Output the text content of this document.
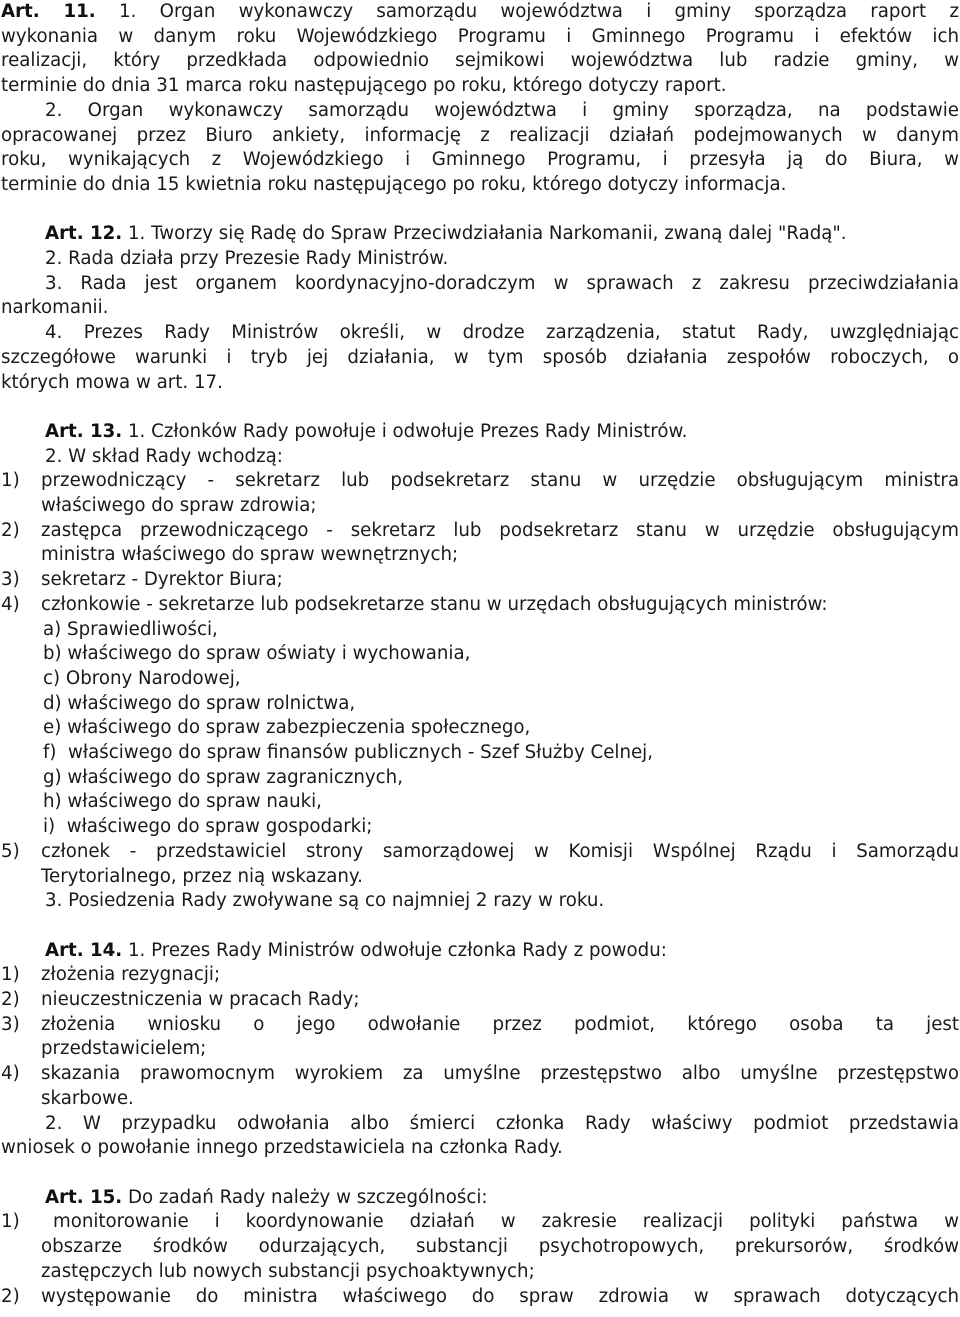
Art. 11. 1. Organ wykonawczy samorządu województwa i gminy sporządza raport z

wykonania w danym roku Wojewódzkiego Programu i Gminnego Programu i efektów ich

realizacji, który przedkłada odpowiednio sejmikowi województwa lub radzie gminy, w

terminie do dnia 31 marca roku następującego po roku, którego dotyczy raport.

2. Organ wykonawczy samorządu województwa i gminy sporządza, na podstawie

opracowanej przez Biuro ankiety, informację z realizacji działań podejmowanych w danym

roku, wynikających z Wojewódzkiego i Gminnego Programu, i przesyła ją do Biura, w

terminie do dnia 15 kwietnia roku następującego po roku, którego dotyczy informacja.

Art. 12. 1. Tworzy się Radę do Spraw Przeciwdziałania Narkomanii, zwaną dalej "Radą".

2. Rada działa przy Prezesie Rady Ministrów.

3. Rada jest organem koordynacyjno-doradczym w sprawach z zakresu przeciwdziałania

narkomanii.

4. Prezes Rady Ministrów określi, w drodze zarządzenia, statut Rady, uwzględniając

szczegółowe warunki i tryb jej działania, w tym sposób działania zespołów roboczych, o

których mowa w art. 17.

Art. 13. 1. Członków Rady powołuje i odwołuje Prezes Rady Ministrów.

2. W skład Rady wchodzą:

1)	przewodniczący - sekretarz lub podsekretarz stanu w urzędzie obsługującym ministra

właściwego do spraw zdrowia;

2)	zastępca przewodniczącego - sekretarz lub podsekretarz stanu w urzędzie obsługującym

ministra właściwego do spraw wewnętrznych;

3)	sekretarz - Dyrektor Biura;

4)	członkowie - sekretarze lub podsekretarze stanu w urzędach obsługujących ministrów:

a) Sprawiedliwości,

b) właściwego do spraw oświaty i wychowania,

c) Obrony Narodowej,

d) właściwego do spraw rolnictwa,

e) właściwego do spraw zabezpieczenia społecznego,

f)  właściwego do spraw finansów publicznych - Szef Służby Celnej,

g) właściwego do spraw zagranicznych,

h) właściwego do spraw nauki,

i)  właściwego do spraw gospodarki;

5)	członek - przedstawiciel strony samorządowej w Komisji Wspólnej Rządu i Samorządu

Terytorialnego, przez nią wskazany.

3. Posiedzenia Rady zwoływane są co najmniej 2 razy w roku.

Art. 14. 1. Prezes Rady Ministrów odwołuje członka Rady z powodu:

1)	złożenia rezygnacji;

2)	nieuczestniczenia w pracach Rady;

3)	złożenia wniosku o jego odwołanie przez podmiot, którego osoba ta jest

przedstawicielem;

4)	skazania prawomocnym wyrokiem za umyślne przestępstwo albo umyślne przestępstwo

skarbowe.

2. W przypadku odwołania albo śmierci członka Rady właściwy podmiot przedstawia

wniosek o powołanie innego przedstawiciela na członka Rady.

Art. 15. Do zadań Rady należy w szczególności:

1)	monitorowanie i koordynowanie działań w zakresie realizacji polityki państwa w

obszarze środków odurzających, substancji psychotropowych, prekursorów, środków

zastępczych lub nowych substancji psychoaktywnych;

2)	występowanie do ministra właściwego do spraw zdrowia w sprawach dotyczących
